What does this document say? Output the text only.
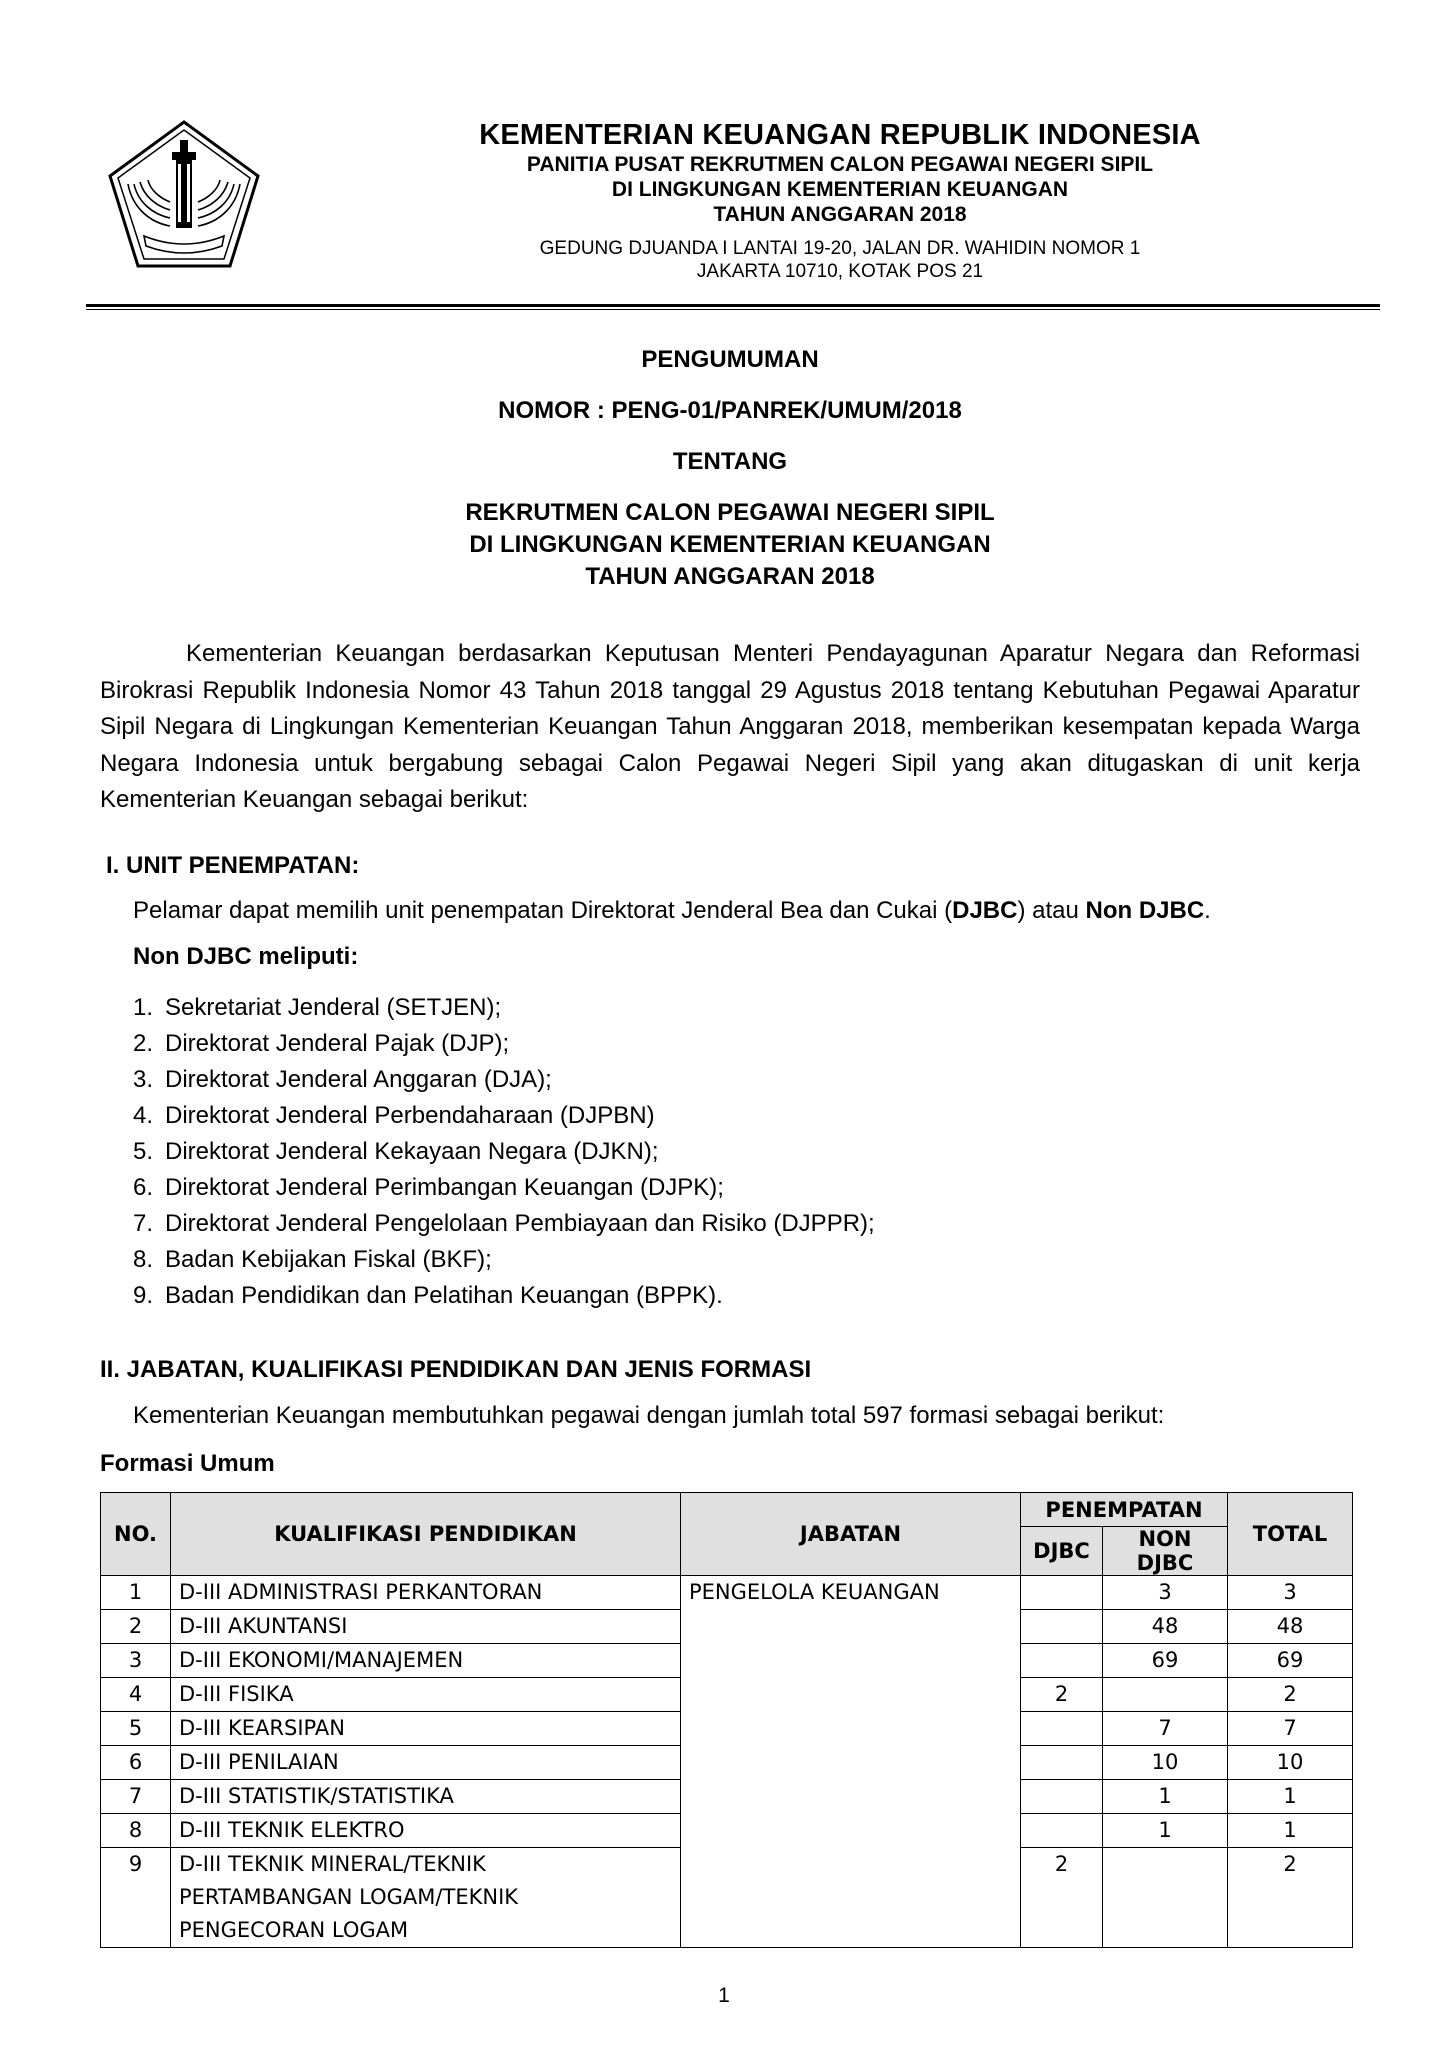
KEMENTERIAN KEUANGAN REPUBLIK INDONESIA
PANITIA PUSAT REKRUTMEN CALON PEGAWAI NEGERI SIPIL
DI LINGKUNGAN KEMENTERIAN KEUANGAN
TAHUN ANGGARAN 2018
GEDUNG DJUANDA I LANTAI 19-20, JALAN DR. WAHIDIN NOMOR 1
JAKARTA 10710, KOTAK POS 21
PENGUMUMAN
NOMOR : PENG-01/PANREK/UMUM/2018
TENTANG
REKRUTMEN CALON PEGAWAI NEGERI SIPIL
DI LINGKUNGAN KEMENTERIAN KEUANGAN
TAHUN ANGGARAN 2018
Kementerian Keuangan berdasarkan Keputusan Menteri Pendayagunan Aparatur Negara dan Reformasi Birokrasi Republik Indonesia Nomor 43 Tahun 2018 tanggal 29 Agustus 2018 tentang Kebutuhan Pegawai Aparatur Sipil Negara di Lingkungan Kementerian Keuangan Tahun Anggaran 2018, memberikan kesempatan kepada Warga Negara Indonesia untuk bergabung sebagai Calon Pegawai Negeri Sipil yang akan ditugaskan di unit kerja Kementerian Keuangan sebagai berikut:
I. UNIT PENEMPATAN:
Pelamar dapat memilih unit penempatan Direktorat Jenderal Bea dan Cukai (DJBC) atau Non DJBC.
Non DJBC meliputi:
1. Sekretariat Jenderal (SETJEN);
2. Direktorat Jenderal Pajak (DJP);
3. Direktorat Jenderal Anggaran (DJA);
4. Direktorat Jenderal Perbendaharaan (DJPBN)
5. Direktorat Jenderal Kekayaan Negara (DJKN);
6. Direktorat Jenderal Perimbangan Keuangan (DJPK);
7. Direktorat Jenderal Pengelolaan Pembiayaan dan Risiko (DJPPR);
8. Badan Kebijakan Fiskal (BKF);
9. Badan Pendidikan dan Pelatihan Keuangan (BPPK).
II. JABATAN, KUALIFIKASI PENDIDIKAN DAN JENIS FORMASI
Kementerian Keuangan membutuhkan pegawai dengan jumlah total 597 formasi sebagai berikut:
Formasi Umum
NO.	KUALIFIKASI PENDIDIKAN	JABATAN	PENEMPATAN		TOTAL
			DJBC	NON DJBC	
1	D-III ADMINISTRASI PERKANTORAN	PENGELOLA KEUANGAN		3	3
2	D-III AKUNTANSI			48	48
3	D-III EKONOMI/MANAJEMEN			69	69
4	D-III FISIKA		2		2
5	D-III KEARSIPAN			7	7
6	D-III PENILAIAN			10	10
7	D-III STATISTIK/STATISTIKA			1	1
8	D-III TEKNIK ELEKTRO			1	1
9	D-III TEKNIK MINERAL/TEKNIK PERTAMBANGAN LOGAM/TEKNIK PENGECORAN LOGAM		2		2
1
